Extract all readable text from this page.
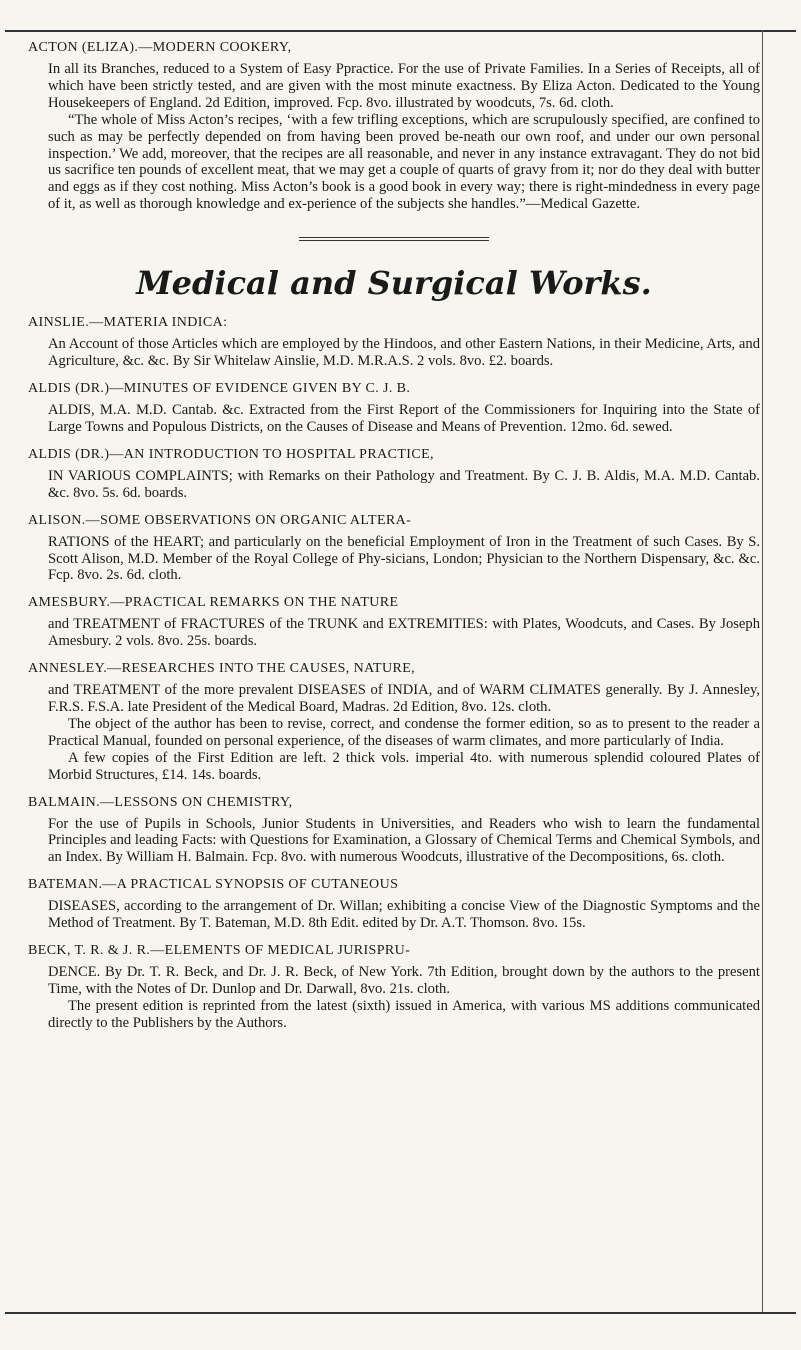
ACTON (ELIZA).—MODERN COOKERY,

In all its Branches, reduced to a System of Easy Ppractice. For the use of Private Families. In a Series of Receipts, all of which have been strictly tested, and are given with the most minute exactness. By Eliza Acton. Dedicated to the Young Housekeepers of England. 2d Edition, improved. Fcp. 8vo. illustrated by woodcuts, 7s. 6d. cloth.

“The whole of Miss Acton’s recipes, ‘with a few trifling exceptions, which are scrupulously specified, are confined to such as may be perfectly depended on from having been proved be-neath our own roof, and under our own personal inspection.’ We add, moreover, that the recipes are all reasonable, and never in any instance extravagant. They do not bid us sacrifice ten pounds of excellent meat, that we may get a couple of quarts of gravy from it; nor do they deal with butter and eggs as if they cost nothing. Miss Acton’s book is a good book in every way; there is right-mindedness in every page of it, as well as thorough knowledge and ex-perience of the subjects she handles.”—Medical Gazette.

Medical and Surgical Works.
AINSLIE.—MATERIA INDICA:

An Account of those Articles which are employed by the Hindoos, and other Eastern Nations, in their Medicine, Arts, and Agriculture, &c. &c. By Sir Whitelaw Ainslie, M.D. M.R.A.S. 2 vols. 8vo. £2. boards.

ALDIS (DR.)—MINUTES OF EVIDENCE GIVEN BY C. J. B.

ALDIS, M.A. M.D. Cantab. &c. Extracted from the First Report of the Commissioners for Inquiring into the State of Large Towns and Populous Districts, on the Causes of Disease and Means of Prevention. 12mo. 6d. sewed.

ALDIS (DR.)—AN INTRODUCTION TO HOSPITAL PRACTICE,

IN VARIOUS COMPLAINTS; with Remarks on their Pathology and Treatment. By C. J. B. Aldis, M.A. M.D. Cantab. &c. 8vo. 5s. 6d. boards.

ALISON.—SOME OBSERVATIONS ON ORGANIC ALTERA-

RATIONS of the HEART; and particularly on the beneficial Employment of Iron in the Treatment of such Cases. By S. Scott Alison, M.D. Member of the Royal College of Phy-sicians, London; Physician to the Northern Dispensary, &c. &c. Fcp. 8vo. 2s. 6d. cloth.

AMESBURY.—PRACTICAL REMARKS ON THE NATURE

and TREATMENT of FRACTURES of the TRUNK and EXTREMITIES: with Plates, Woodcuts, and Cases. By Joseph Amesbury. 2 vols. 8vo. 25s. boards.

ANNESLEY.—RESEARCHES INTO THE CAUSES, NATURE,

and TREATMENT of the more prevalent DISEASES of INDIA, and of WARM CLIMATES generally. By J. Annesley, F.R.S. F.S.A. late President of the Medical Board, Madras. 2d Edition, 8vo. 12s. cloth.

The object of the author has been to revise, correct, and condense the former edition, so as to present to the reader a Practical Manual, founded on personal experience, of the diseases of warm climates, and more particularly of India.

A few copies of the First Edition are left. 2 thick vols. imperial 4to. with numerous splendid coloured Plates of Morbid Structures, £14. 14s. boards.

BALMAIN.—LESSONS ON CHEMISTRY,

For the use of Pupils in Schools, Junior Students in Universities, and Readers who wish to learn the fundamental Principles and leading Facts: with Questions for Examination, a Glossary of Chemical Terms and Chemical Symbols, and an Index. By William H. Balmain. Fcp. 8vo. with numerous Woodcuts, illustrative of the Decompositions, 6s. cloth.

BATEMAN.—A PRACTICAL SYNOPSIS OF CUTANEOUS

DISEASES, according to the arrangement of Dr. Willan; exhibiting a concise View of the Diagnostic Symptoms and the Method of Treatment. By T. Bateman, M.D. 8th Edit. edited by Dr. A.T. Thomson. 8vo. 15s.

BECK, T. R. & J. R.—ELEMENTS OF MEDICAL JURISPRU-

DENCE. By Dr. T. R. Beck, and Dr. J. R. Beck, of New York. 7th Edition, brought down by the authors to the present Time, with the Notes of Dr. Dunlop and Dr. Darwall, 8vo. 21s. cloth.

The present edition is reprinted from the latest (sixth) issued in America, with various MS additions communicated directly to the Publishers by the Authors.
